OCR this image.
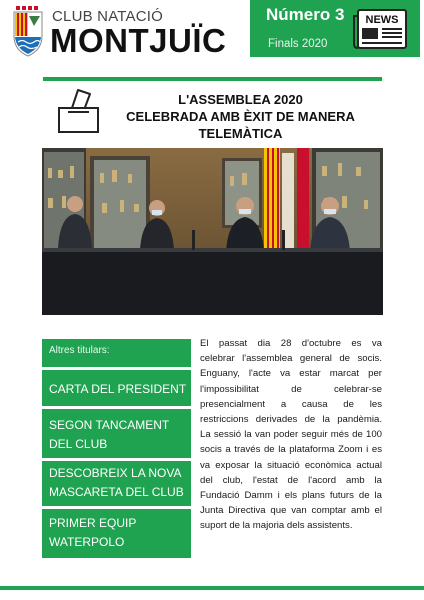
CLUB NATACIÓ
MONTJUÏC
Número 3
Finals 2020
NEWS
L'ASSEMBLEA 2020
CELEBRADA AMB ÈXIT DE MANERA
TELEMÀTICA
Altres titulars:
CARTA DEL PRESIDENT
SEGON TANCAMENT
DEL CLUB
DESCOBREIX LA NOVA
MASCARETA DEL CLUB
PRIMER EQUIP
WATERPOLO
El passat dia 28 d'octubre es va
celebrar l'assemblea general de socis.
Enguany, l'acte va estar marcat per
l'impossibilitat de celebrar-se
presencialment a causa de les
restriccions derivades de la pandèmia.
La sessió la van poder seguir més de 100
socis a través de la plataforma Zoom i es
va exposar la situació econòmica actual
del club, l'estat de l'acord amb la
Fundació Damm i els plans futurs de la
Junta Directiva que van comptar amb el
suport de la majoria dels assistents.
